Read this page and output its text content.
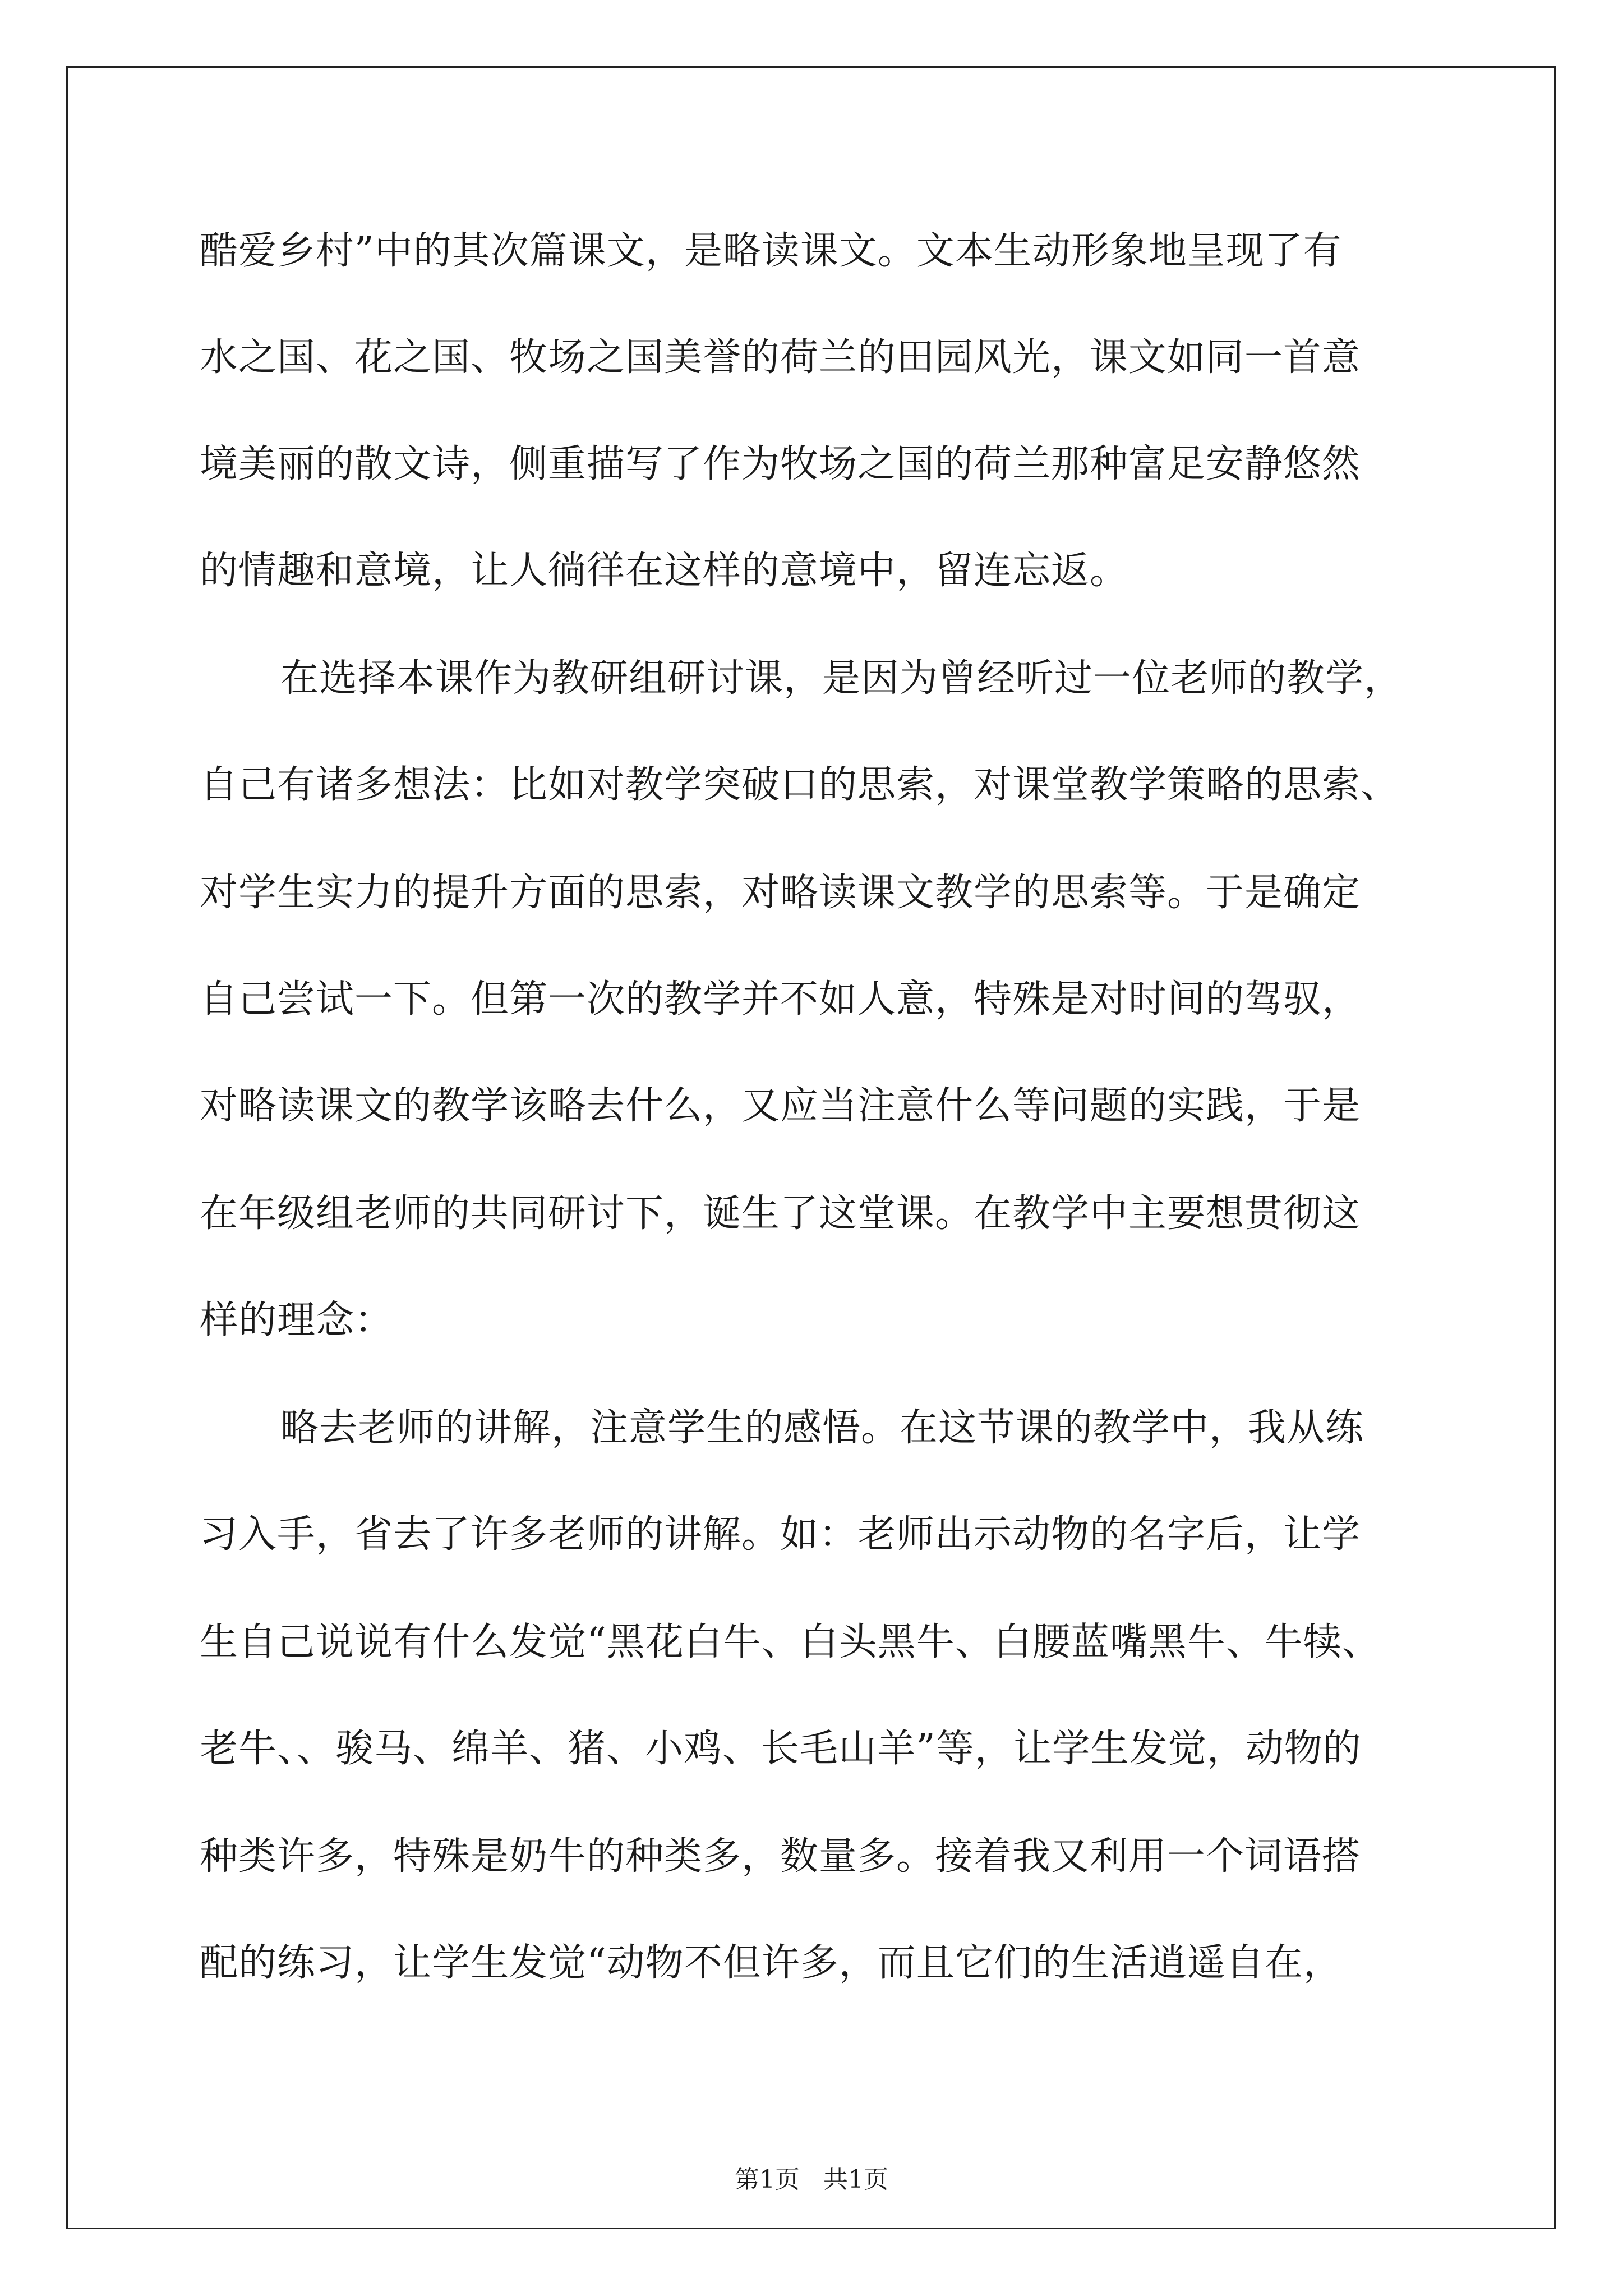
酷爱乡村”中的其次篇课文，是略读课文。文本生动形象地呈现了有
水之国、花之国、牧场之国美誉的荷兰的田园风光，课文如同一首意
境美丽的散文诗，侧重描写了作为牧场之国的荷兰那种富足安静悠然
的情趣和意境，让人徜徉在这样的意境中，留连忘返。
在选择本课作为教研组研讨课，是因为曾经听过一位老师的教学，
自己有诸多想法：比如对教学突破口的思索，对课堂教学策略的思索、
对学生实力的提升方面的思索，对略读课文教学的思索等。于是确定
自己尝试一下。但第一次的教学并不如人意，特殊是对时间的驾驭，
对略读课文的教学该略去什么，又应当注意什么等问题的实践，于是
在年级组老师的共同研讨下，诞生了这堂课。在教学中主要想贯彻这
样的理念：
略去老师的讲解，注意学生的感悟。在这节课的教学中，我从练
习入手，省去了许多老师的讲解。如：老师出示动物的名字后，让学
生自己说说有什么发觉“黑花白牛、白头黑牛、白腰蓝嘴黑牛、牛犊、
老牛、、骏马、绵羊、猪、小鸡、长毛山羊”等，让学生发觉，动物的
种类许多，特殊是奶牛的种类多，数量多。接着我又利用一个词语搭
配的练习，让学生发觉“动物不但许多，而且它们的生活逍遥自在，
第1页   共1页
